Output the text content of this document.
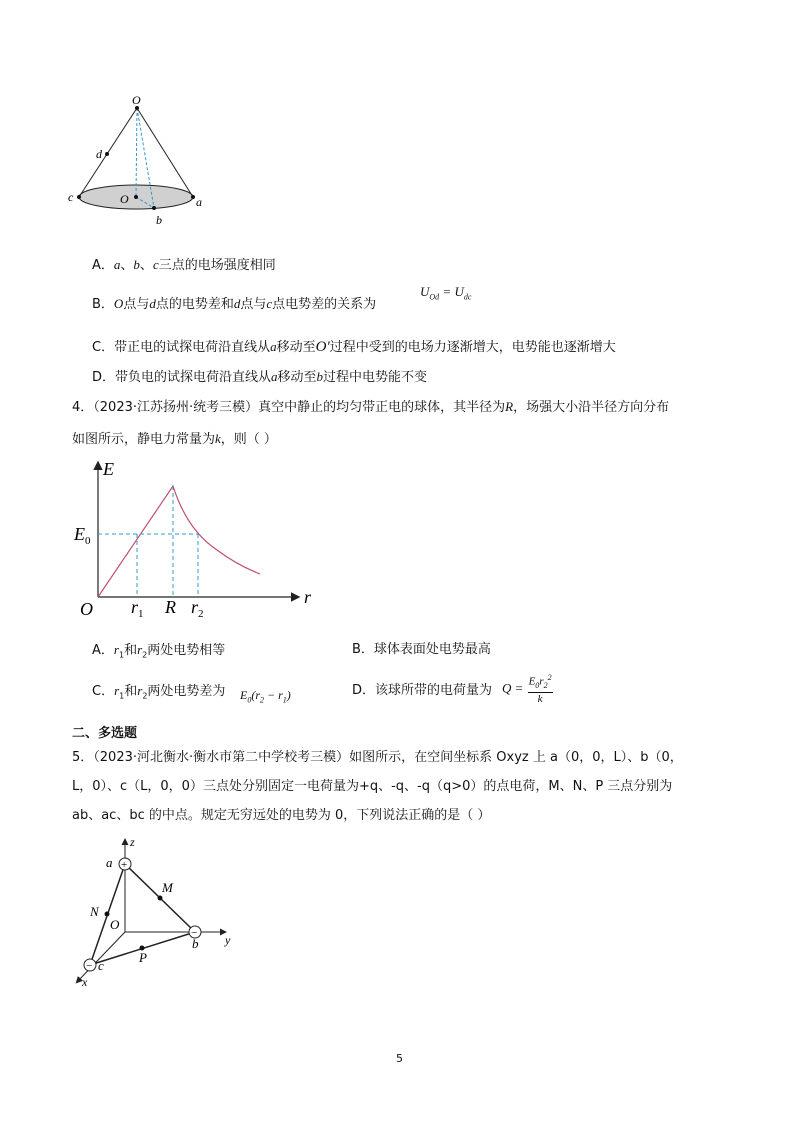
O
d
c	O	a
b
A．a、b、c三点的电场强度相同
B．O点与d点的电势差和d点与c点电势差的关系为
$U_{Od} = U_{dc}$
C．带正电的试探电荷沿直线从a移动至O′过程中受到的电场力逐渐增大，电势能也逐渐增大
D．带负电的试探电荷沿直线从a移动至b过程中电势能不变
4．（2023·江苏扬州·统考三模）真空中静止的均匀带正电的球体，其半径为R，场强大小沿半径方向分布
如图所示，静电力常量为k，则（ ）
E
r
O
$E_0$
$r_1$ R $r_2$
A．$r_1$和$r_2$两处电势相等	B．球体表面处电势最高
C．$r_1$和$r_2$两处电势差为 $E_0(r_2 - r_1)$	D．该球所带的电荷量为 $Q = \frac{E_0r_2^2}{k}$
二、多选题
5．（2023·河北衡水·衡水市第二中学校考三模）如图所示，在空间坐标系 Oxyz 上 a（0，0，L）、b（0，
L，0）、c（L，0，0）三点处分别固定一电荷量为+q、-q、-q（q>0）的点电荷，M、N、P 三点分别为
ab、ac、bc 的中点。规定无穷远处的电势为 0，下列说法正确的是（ ）
+
−
−
z
a
M
N
O
b y
P
c
x
5
